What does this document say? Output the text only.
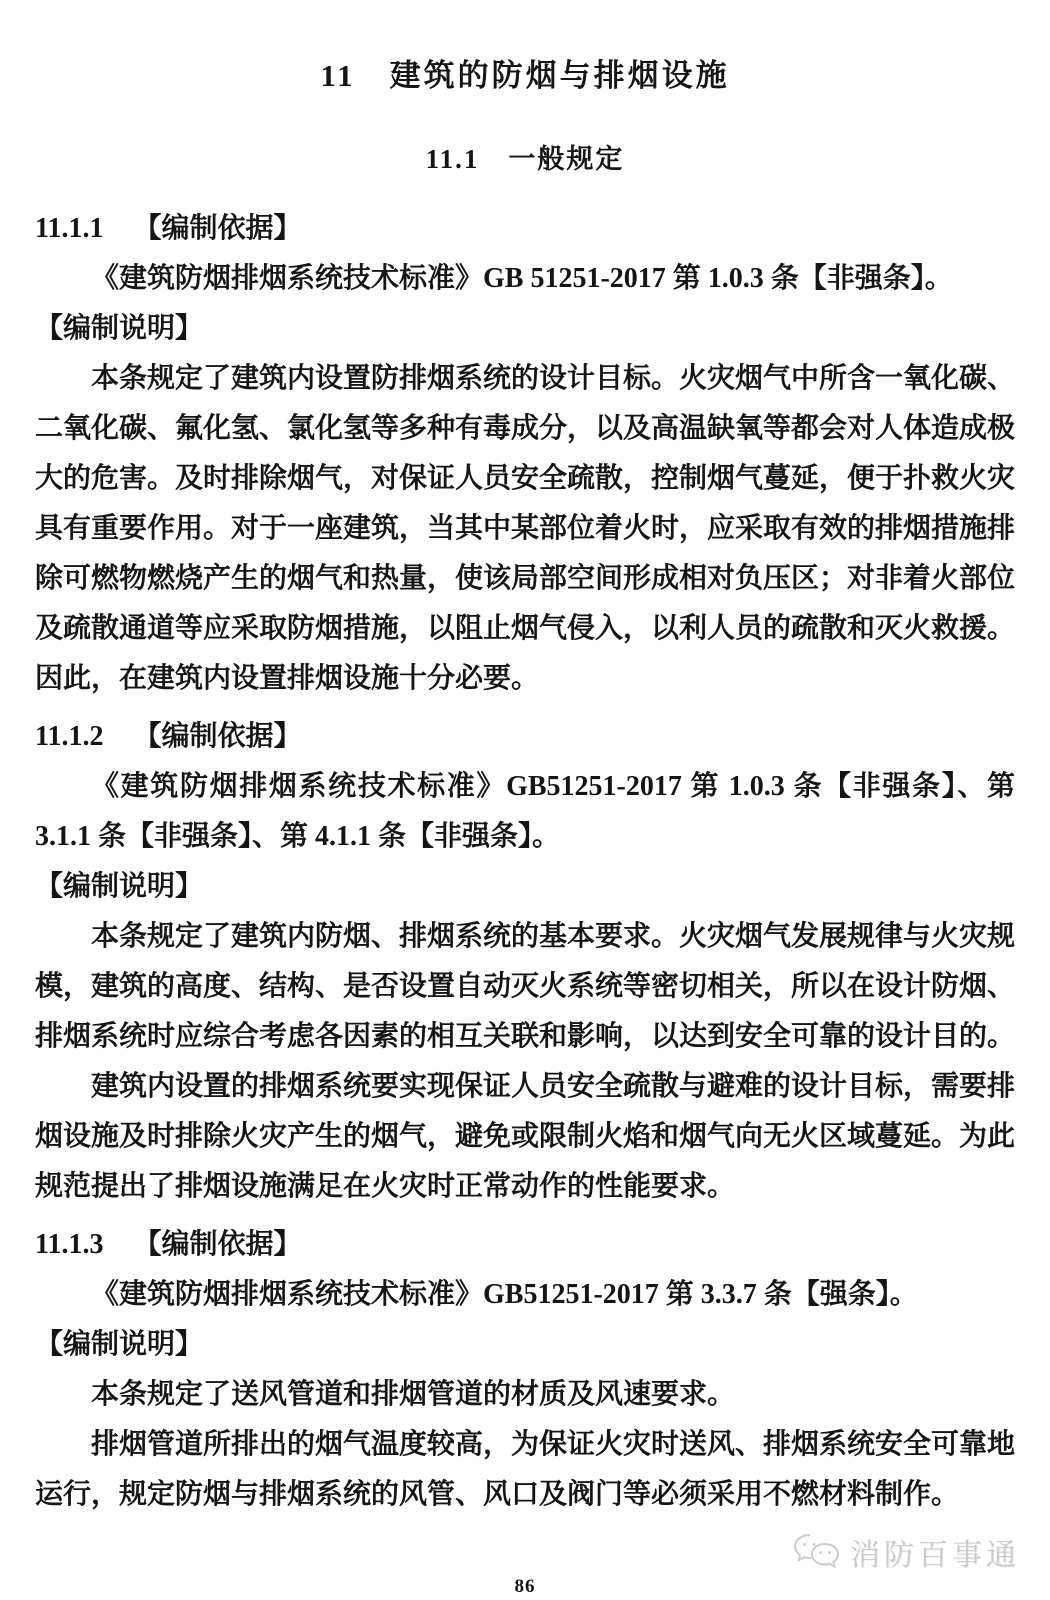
11　建筑的防烟与排烟设施
11.1　一般规定

11.1.1 【编制依据】

《建筑防烟排烟系统技术标准》GB 51251-2017 第 1.0.3 条【非强条】。

【编制说明】

本条规定了建筑内设置防排烟系统的设计目标。火灾烟气中所含一氧化碳、二氧化碳、氟化氢、氯化氢等多种有毒成分，以及高温缺氧等都会对人体造成极大的危害。及时排除烟气，对保证人员安全疏散，控制烟气蔓延，便于扑救火灾具有重要作用。对于一座建筑，当其中某部位着火时，应采取有效的排烟措施排除可燃物燃烧产生的烟气和热量，使该局部空间形成相对负压区；对非着火部位及疏散通道等应采取防烟措施，以阻止烟气侵入，以利人员的疏散和灭火救援。因此，在建筑内设置排烟设施十分必要。

11.1.2 【编制依据】

《建筑防烟排烟系统技术标准》GB51251-2017 第 1.0.3 条【非强条】、第 3.1.1 条【非强条】、第 4.1.1 条【非强条】。

【编制说明】

本条规定了建筑内防烟、排烟系统的基本要求。火灾烟气发展规律与火灾规模，建筑的高度、结构、是否设置自动灭火系统等密切相关，所以在设计防烟、排烟系统时应综合考虑各因素的相互关联和影响，以达到安全可靠的设计目的。

建筑内设置的排烟系统要实现保证人员安全疏散与避难的设计目标，需要排烟设施及时排除火灾产生的烟气，避免或限制火焰和烟气向无火区域蔓延。为此规范提出了排烟设施满足在火灾时正常动作的性能要求。

11.1.3 【编制依据】

《建筑防烟排烟系统技术标准》GB51251-2017 第 3.3.7 条【强条】。

【编制说明】

本条规定了送风管道和排烟管道的材质及风速要求。

排烟管道所排出的烟气温度较高，为保证火灾时送风、排烟系统安全可靠地运行，规定防烟与排烟系统的风管、风口及阀门等必须采用不燃材料制作。

消防百事通
86
